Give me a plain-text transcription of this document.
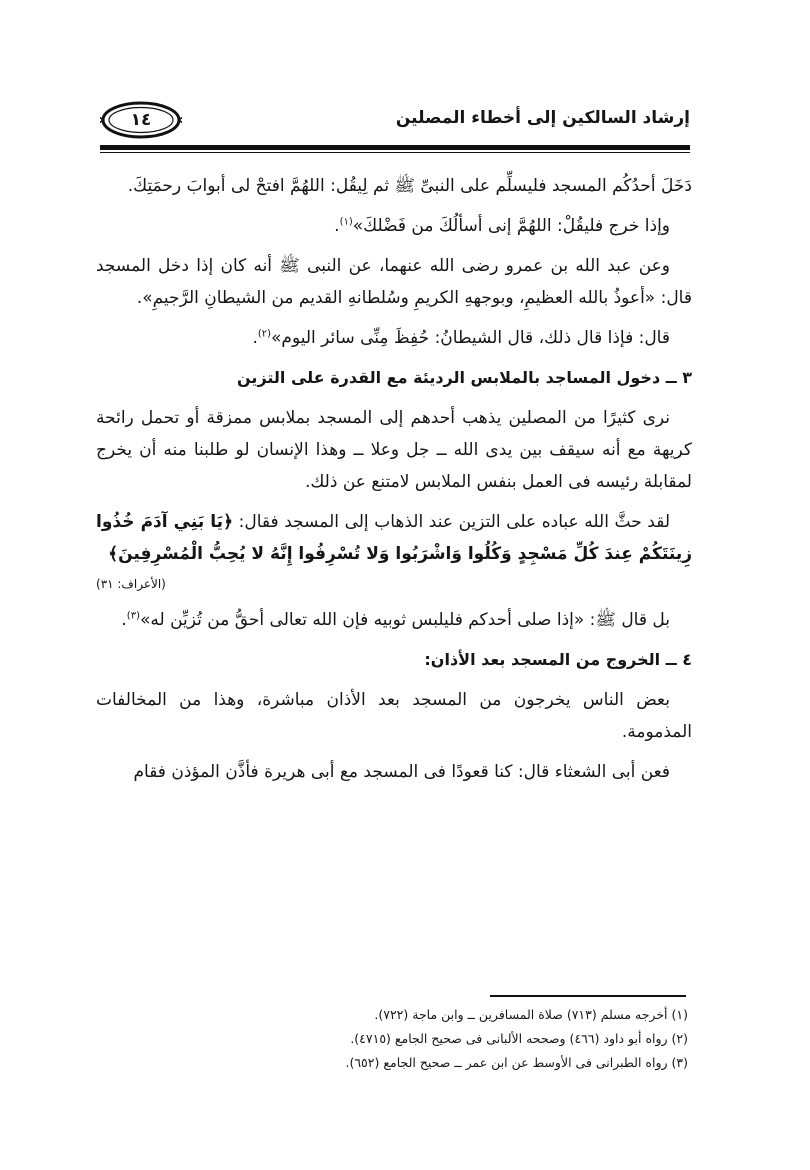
١٤	إرشاد السالكين إلى أخطاء المصلين

دَخَلَ أحدُكُم المسجد فليسلِّم على النبىِّ ﷺ ثم لِيقُل: اللهُمَّ افتحْ لى أبوابَ رحمَتِكَ.

وإذا خرج فليقُلْ: اللهُمَّ إنى أسألُكَ من فَضْلكَ»$^{(١)}$.

وعن عبد الله بن عمرو رضى الله عنهما، عن النبى ﷺ أنه كان إذا دخل المسجد قال: «أعوذُ بالله العظيمِ، وبوجههِ الكريمِ وسُلطانهِ القديم من الشيطانِ الرَّجيمِ».

قال: فإذا قال ذلك، قال الشيطانُ: حُفِظَ مِنِّى سائر اليوم»$^{(٢)}$.

٣ ــ دخول المساجد بالملابس الرديئة مع القدرة على التزين

نرى كثيرًا من المصلين يذهب أحدهم إلى المسجد بملابس ممزقة أو تحمل رائحة كريهة مع أنه سيقف بين يدى الله ــ جل وعلا ــ وهذا الإنسان لو طلبنا منه أن يخرج لمقابلة رئيسه فى العمل بنفس الملابس لامتنع عن ذلك.

لقد حثَّ الله عباده على التزين عند الذهاب إلى المسجد فقال: ﴿يَا بَنِي آدَمَ خُذُوا زِينَتَكُمْ عِندَ كُلِّ مَسْجِدٍ وَكُلُوا وَاشْرَبُوا وَلا تُسْرِفُوا إِنَّهُ لا يُحِبُّ الْمُسْرِفِينَ﴾

(الأعراف: ٣١)

بل قال ﷺ: «إذا صلى أحدكم فليلبس ثوبيه فإن الله تعالى أحقُّ من تُزيِّن له»$^{(٣)}$.

٤ ــ الخروج من المسجد بعد الأذان:

بعض الناس يخرجون من المسجد بعد الأذان مباشرة، وهذا من المخالفات المذمومة.

فعن أبى الشعثاء قال: كنا قعودًا فى المسجد مع أبى هريرة فأذَّن المؤذن فقام

(١) أخرجه مسلم (٧١٣) صلاة المسافرين ــ وابن ماجة (٧٢٢).
(٢) رواه أبو داود (٤٦٦) وصححه الألبانى فى صحيح الجامع (٤٧١٥).
(٣) رواه الطبرانى فى الأوسط عن ابن عمر ــ صحيح الجامع (٦٥٢).
